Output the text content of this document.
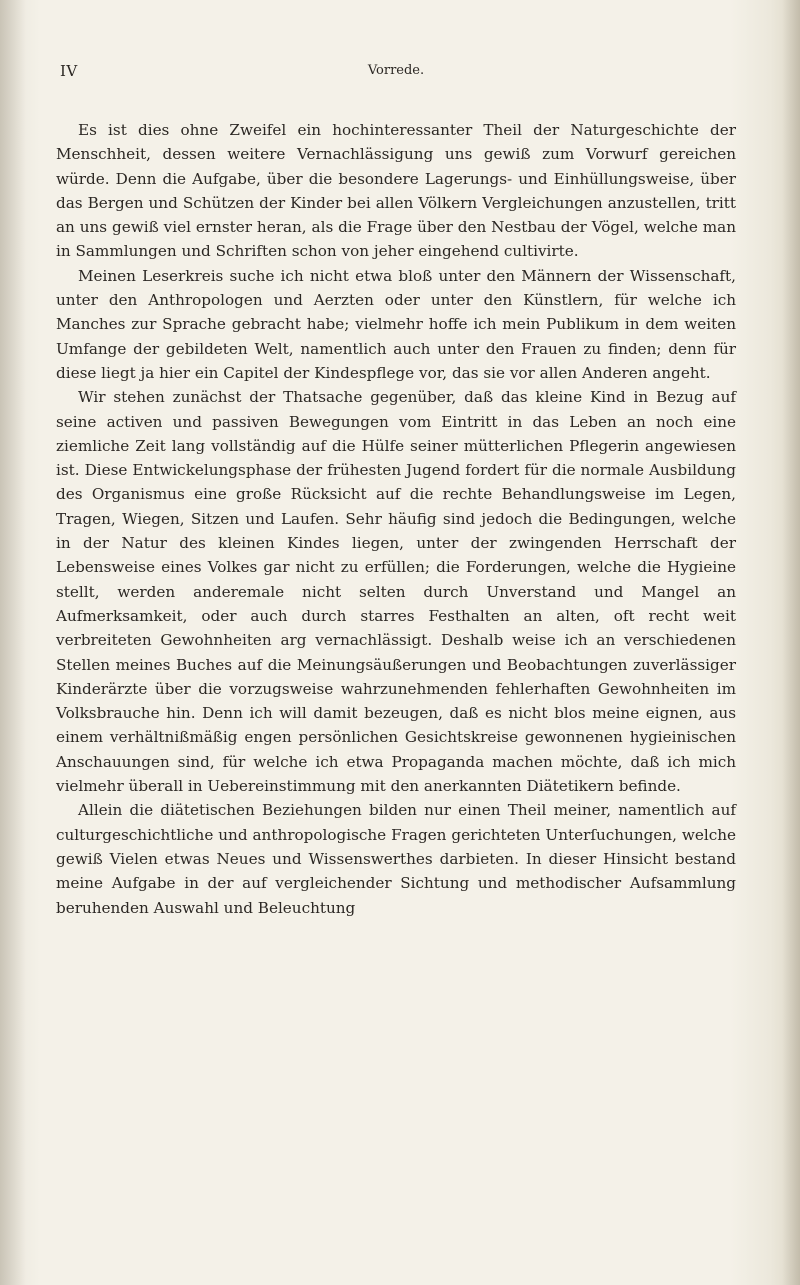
IV	Vorrede.

Es ist dies ohne Zweifel ein hochinteressanter Theil der Naturgeschichte der Menschheit, dessen weitere Vernachlässigung uns gewiß zum Vorwurf gereichen würde. Denn die Aufgabe, über die besondere Lagerungs- und Einhüllungsweise, über das Bergen und Schützen der Kinder bei allen Völkern Vergleichungen anzustellen, tritt an uns gewiß viel ernster heran, als die Frage über den Nestbau der Vögel, welche man in Sammlungen und Schriften schon von jeher eingehend cultivirte.

Meinen Leserkreis suche ich nicht etwa bloß unter den Männern der Wissenschaft, unter den Anthropologen und Aerzten oder unter den Künstlern, für welche ich Manches zur Sprache gebracht habe; vielmehr hoffe ich mein Publikum in dem weiten Umfange der gebildeten Welt, namentlich auch unter den Frauen zu finden; denn für diese liegt ja hier ein Capitel der Kindespflege vor, das sie vor allen Anderen angeht.

Wir stehen zunächst der Thatsache gegenüber, daß das kleine Kind in Bezug auf seine activen und passiven Bewegungen vom Eintritt in das Leben an noch eine ziemliche Zeit lang vollständig auf die Hülfe seiner mütterlichen Pflegerin angewiesen ist. Diese Entwickelungsphase der frühesten Jugend fordert für die normale Ausbildung des Organismus eine große Rücksicht auf die rechte Behandlungsweise im Legen, Tragen, Wiegen, Sitzen und Laufen. Sehr häufig sind jedoch die Bedingungen, welche in der Natur des kleinen Kindes liegen, unter der zwingenden Herrschaft der Lebensweise eines Volkes gar nicht zu erfüllen; die Forderungen, welche die Hygieine stellt, werden anderemale nicht selten durch Unverstand und Mangel an Aufmerksamkeit, oder auch durch starres Festhalten an alten, oft recht weit verbreiteten Gewohnheiten arg vernachlässigt. Deshalb weise ich an verschiedenen Stellen meines Buches auf die Meinungsäußerungen und Beobachtungen zuverlässiger Kinderärzte über die vorzugsweise wahrzunehmenden fehlerhaften Gewohnheiten im Volksbrauche hin. Denn ich will damit bezeugen, daß es nicht blos meine eignen, aus einem verhältnißmäßig engen persönlichen Gesichtskreise gewonnenen hygieinischen Anschauungen sind, für welche ich etwa Propaganda machen möchte, daß ich mich vielmehr überall in Uebereinstimmung mit den anerkannten Diätetikern befinde.

Allein die diätetischen Beziehungen bilden nur einen Theil meiner, namentlich auf culturgeschichtliche und anthropologische Fragen gerichteten Unterſuchungen, welche gewiß Vielen etwas Neues und Wissenswerthes darbieten. In dieser Hinsicht bestand meine Aufgabe in der auf vergleichender Sichtung und methodischer Aufsammlung beruhenden Auswahl und Beleuchtung
